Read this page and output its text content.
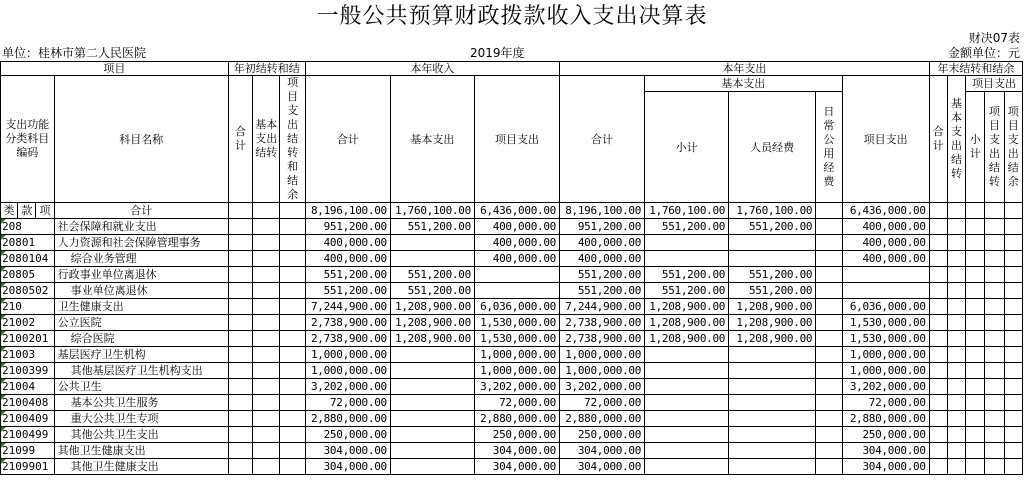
一般公共预算财政拨款收入支出决算表
财决07表
单位：桂林市第二人民医院	2019年度	金额单位：元
项目				年初结转和结			本年收入			本年支出					年末结转和结余				
支出功能分类科目编码			科目名称	合计	基本支出结转	项目支出结转和结余	合计	基本支出	项目支出	合计	基本支出			项目支出	合计	基本支出结转	项目支出		
											小计	人员经费	日常公用经费				小计	项目支出结转	项目支出结余
类	款	项	合计				8,196,100.00	1,760,100.00	6,436,000.00	8,196,100.00	1,760,100.00	1,760,100.00		6,436,000.00					
208			社会保障和就业支出				951,200.00	551,200.00	400,000.00	951,200.00	551,200.00	551,200.00		400,000.00					
20801			人力资源和社会保障管理事务				400,000.00		400,000.00	400,000.00				400,000.00					
2080104			综合业务管理				400,000.00		400,000.00	400,000.00				400,000.00					
20805			行政事业单位离退休				551,200.00	551,200.00		551,200.00	551,200.00	551,200.00							
2080502			事业单位离退休				551,200.00	551,200.00		551,200.00	551,200.00	551,200.00							
210			卫生健康支出				7,244,900.00	1,208,900.00	6,036,000.00	7,244,900.00	1,208,900.00	1,208,900.00		6,036,000.00					
21002			公立医院				2,738,900.00	1,208,900.00	1,530,000.00	2,738,900.00	1,208,900.00	1,208,900.00		1,530,000.00					
2100201			综合医院				2,738,900.00	1,208,900.00	1,530,000.00	2,738,900.00	1,208,900.00	1,208,900.00		1,530,000.00					
21003			基层医疗卫生机构				1,000,000.00		1,000,000.00	1,000,000.00				1,000,000.00					
2100399			其他基层医疗卫生机构支出				1,000,000.00		1,000,000.00	1,000,000.00				1,000,000.00					
21004			公共卫生				3,202,000.00		3,202,000.00	3,202,000.00				3,202,000.00					
2100408			基本公共卫生服务				72,000.00		72,000.00	72,000.00				72,000.00					
2100409			重大公共卫生专项				2,880,000.00		2,880,000.00	2,880,000.00				2,880,000.00					
2100499			其他公共卫生支出				250,000.00		250,000.00	250,000.00				250,000.00					
21099			其他卫生健康支出				304,000.00		304,000.00	304,000.00				304,000.00					
2109901			其他卫生健康支出				304,000.00		304,000.00	304,000.00				304,000.00					
